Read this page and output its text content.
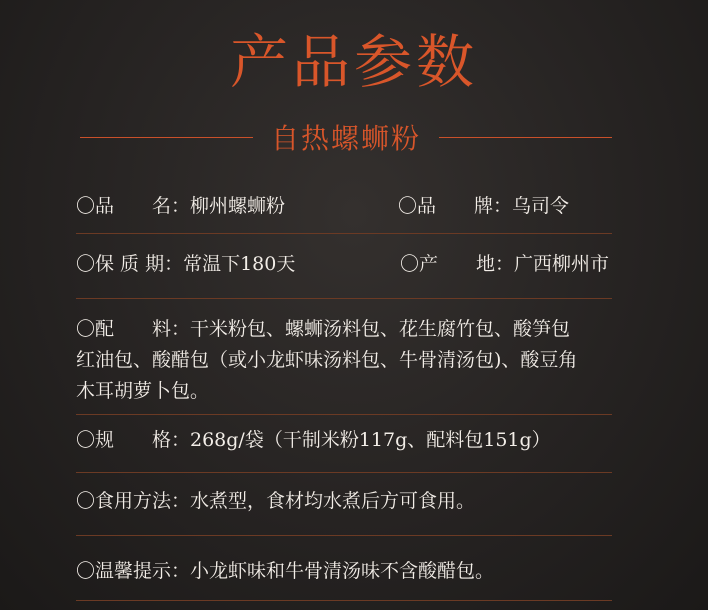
产品参数
自热螺蛳粉
〇品　　名：柳州螺蛳粉	〇品　　牌：乌司令
〇保 质 期：常温下180天	〇产　　地：广西柳州市
〇配　　料：干米粉包、螺蛳汤料包、花生腐竹包、酸笋包
红油包、酸醋包（或小龙虾味汤料包、牛骨清汤包)、酸豆角
木耳胡萝卜包。
〇规　　格：268g/袋（干制米粉117g、配料包151g）
〇食用方法：水煮型，食材均水煮后方可食用。
〇温馨提示：小龙虾味和牛骨清汤味不含酸醋包。
